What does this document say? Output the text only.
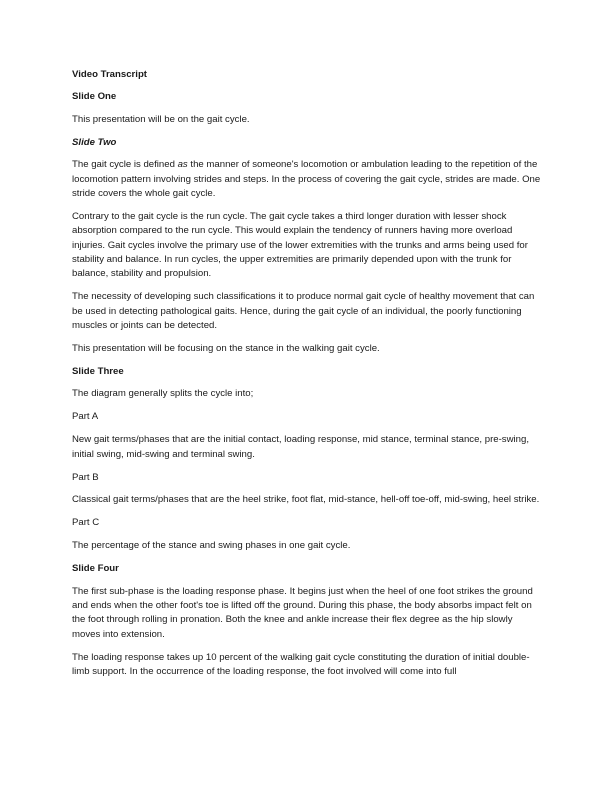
Video Transcript
Slide One

This presentation will be on the gait cycle.

Slide Two

The gait cycle is defined as the manner of someone's locomotion or ambulation leading to the repetition of the locomotion pattern involving strides and steps. In the process of covering the gait cycle, strides are made. One stride covers the whole gait cycle.

Contrary to the gait cycle is the run cycle. The gait cycle takes a third longer duration with lesser shock absorption compared to the run cycle. This would explain the tendency of runners having more overload injuries. Gait cycles involve the primary use of the lower extremities with the trunks and arms being used for stability and balance. In run cycles, the upper extremities are primarily depended upon with the trunk for balance, stability and propulsion.

The necessity of developing such classifications it to produce normal gait cycle of healthy movement that can be used in detecting pathological gaits. Hence, during the gait cycle of an individual, the poorly functioning muscles or joints can be detected.

This presentation will be focusing on the stance in the walking gait cycle.

Slide Three

The diagram generally splits the cycle into;

Part A

New gait terms/phases that are the initial contact, loading response, mid stance, terminal stance, pre-swing, initial swing, mid-swing and terminal swing.

Part B

Classical gait terms/phases that are the heel strike, foot flat, mid-stance, hell-off toe-off, mid-swing, heel strike.

Part C

The percentage of the stance and swing phases in one gait cycle.

Slide Four

The first sub-phase is the loading response phase. It begins just when the heel of one foot strikes the ground and ends when the other foot's toe is lifted off the ground. During this phase, the body absorbs impact felt on the foot through rolling in pronation. Both the knee and ankle increase their flex degree as the hip slowly moves into extension.

The loading response takes up 10 percent of the walking gait cycle constituting the duration of initial double-limb support. In the occurrence of the loading response, the foot involved will come into full
